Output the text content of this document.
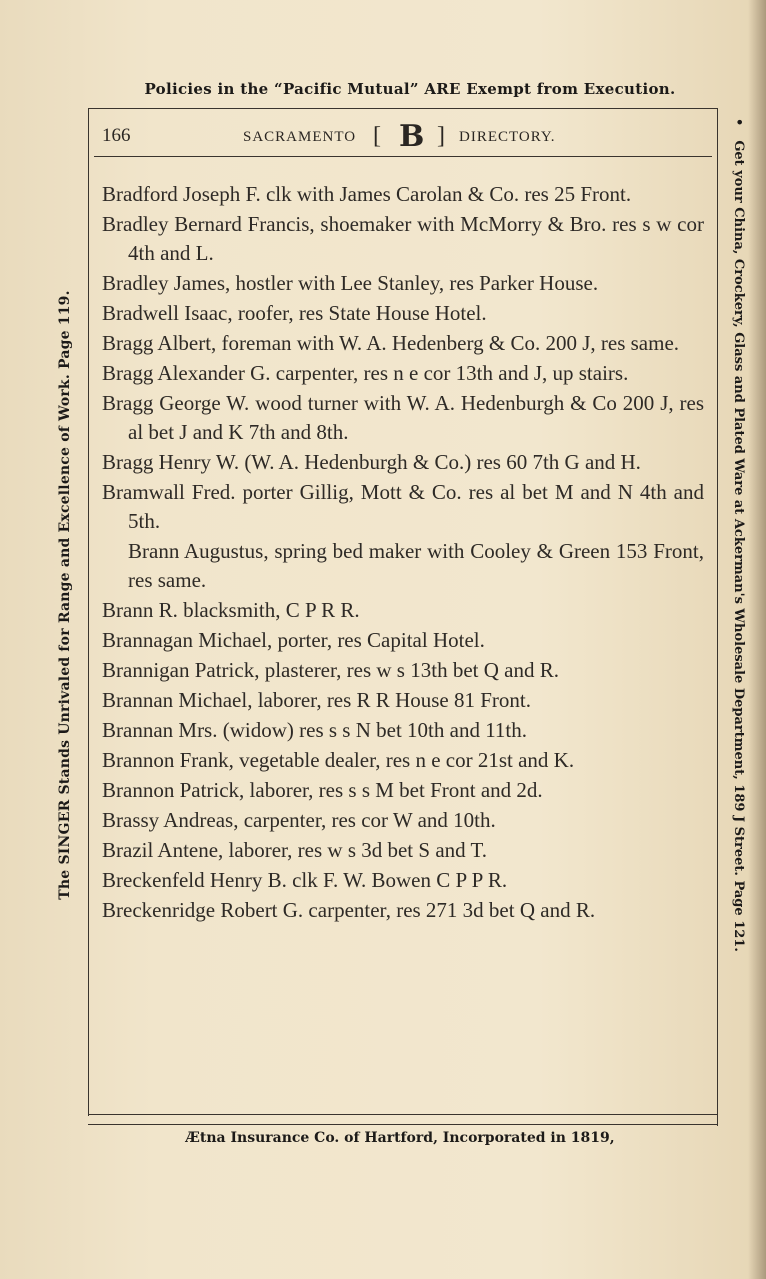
Policies in the “Pacific Mutual” ARE Exempt from Execution.
166	SACRAMENTO [ B ] DIRECTORY.

Bradford Joseph F. clk with James Carolan & Co. res 25 Front.

Bradley Bernard Francis, shoemaker with McMorry & Bro. res s w cor 4th and L.

Bradley James, hostler with Lee Stanley, res Parker House.

Bradwell Isaac, roofer, res State House Hotel.

Bragg Albert, foreman with W. A. Hedenberg & Co. 200 J, res same.

Bragg Alexander G. carpenter, res n e cor 13th and J, up stairs.

Bragg George W. wood turner with W. A. Hedenburgh & Co 200 J, res al bet J and K 7th and 8th.

Bragg Henry W. (W. A. Hedenburgh & Co.) res 60 7th G and H.

Bramwall Fred. porter Gillig, Mott & Co. res al bet M and N 4th and 5th.

Brann Augustus, spring bed maker with Cooley & Green 153 Front, res same.

Brann R. blacksmith, C P R R.

Brannagan Michael, porter, res Capital Hotel.

Brannigan Patrick, plasterer, res w s 13th bet Q and R.

Brannan Michael, laborer, res R R House 81 Front.

Brannan Mrs. (widow) res s s N bet 10th and 11th.

Brannon Frank, vegetable dealer, res n e cor 21st and K.

Brannon Patrick, laborer, res s s M bet Front and 2d.

Brassy Andreas, carpenter, res cor W and 10th.

Brazil Antene, laborer, res w s 3d bet S and T.

Breckenfeld Henry B. clk F. W. Bowen C P P R.

Breckenridge Robert G. carpenter, res 271 3d bet Q and R.

Ætna Insurance Co. of Hartford, Incorporated in 1819,
The SINGER Stands Unrivaled for Range and Excellence of Work. Page 119.
•Get your China, Crockery, Glass and Plated Ware at Ackerman's Wholesale Department, 189 J Street. Page 121.
